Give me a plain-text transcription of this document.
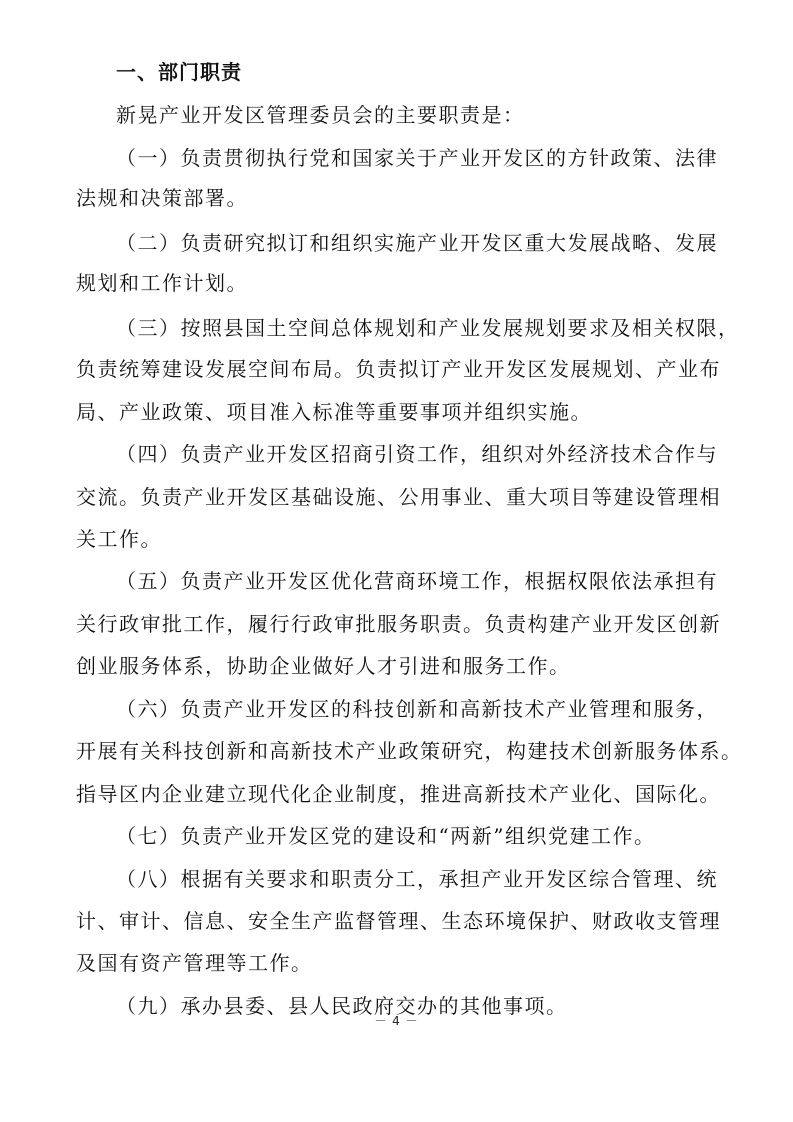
一、部门职责

新晃产业开发区管理委员会的主要职责是：

（一）负责贯彻执行党和国家关于产业开发区的方针政策、法律

法规和决策部署。

（二）负责研究拟订和组织实施产业开发区重大发展战略、发展

规划和工作计划。

（三）按照县国土空间总体规划和产业发展规划要求及相关权限，

负责统筹建设发展空间布局。负责拟订产业开发区发展规划、产业布

局、产业政策、项目准入标准等重要事项并组织实施。

（四）负责产业开发区招商引资工作，组织对外经济技术合作与

交流。负责产业开发区基础设施、公用事业、重大项目等建设管理相

关工作。

（五）负责产业开发区优化营商环境工作，根据权限依法承担有

关行政审批工作，履行行政审批服务职责。负责构建产业开发区创新

创业服务体系，协助企业做好人才引进和服务工作。

（六）负责产业开发区的科技创新和高新技术产业管理和服务，

开展有关科技创新和高新技术产业政策研究，构建技术创新服务体系。

指导区内企业建立现代化企业制度，推进高新技术产业化、国际化。

（七）负责产业开发区党的建设和“两新”组织党建工作。

（八）根据有关要求和职责分工，承担产业开发区综合管理、统

计、审计、信息、安全生产监督管理、生态环境保护、财政收支管理

及国有资产管理等工作。

（九）承办县委、县人民政府交办的其他事项。

－ 4 －
